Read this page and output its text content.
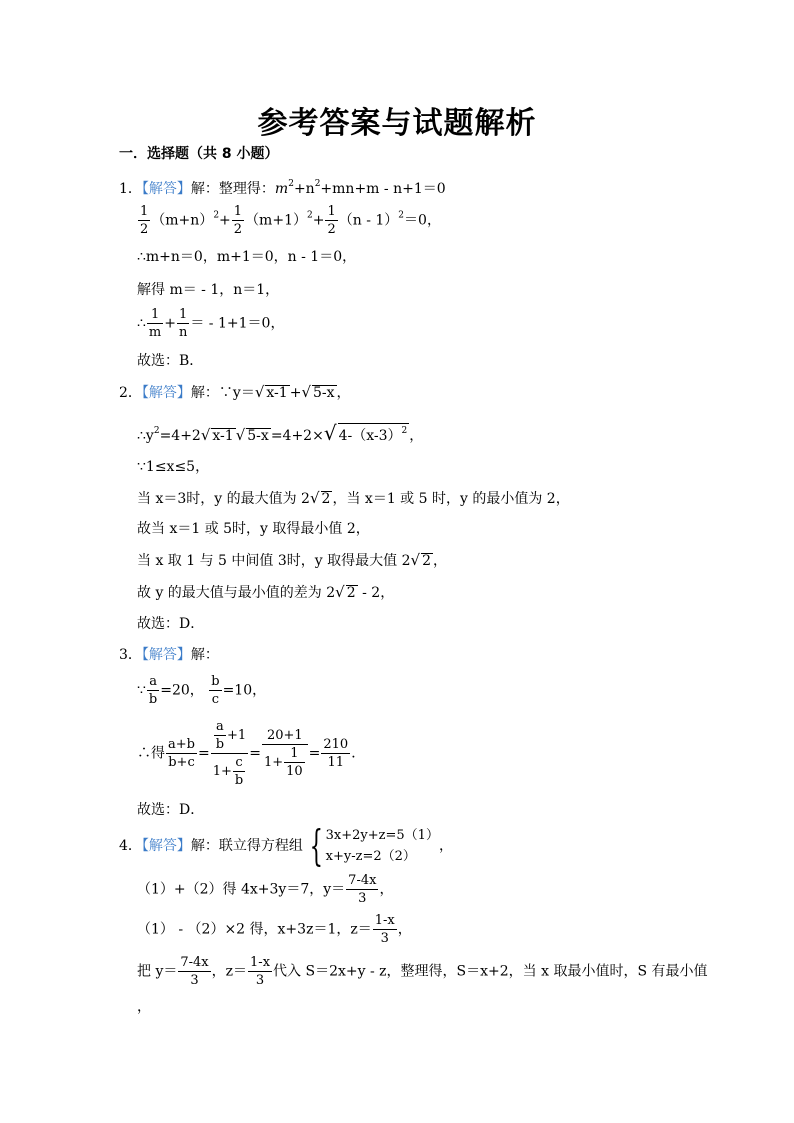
参考答案与试题解析
一．选择题（共 8 小题）
1．【解答】解：整理得：$m^2+n^2+mn+m - n+1=0$
$\frac{1}{2} (m+n)^2+ \frac{1}{2} (m+1)^2+ \frac{1}{2} (n - 1)^2=0$，
∴m+n＝0，m+1＝0，n - 1＝0，
解得 m＝ - 1，n＝1，
∴ $\frac{1}{m} + \frac{1}{n}$ ＝ - 1+1＝0，
故选：B．
2．【解答】解：∵y＝√ x-1 +√ 5-x ，
$\therefore y^2=4+2√$ x-1 √ 5-x =4+2×√ $4-(x-3)^2$ ，
∵1≤x≤5，
当 x＝3时，y 的最大值为 2√ 2 ，当 x＝1 或 5 时，y 的最小值为 2，
故当 x＝1 或 5时，y 取得最小值 2，
当 x 取 1 与 5 中间值 3时，y 取得最大值 2√ 2 ，
故 y 的最大值与最小值的差为 2√ 2 - 2，
故选：D．
3．【解答】解：
∵ $\frac{a}{b} =20$， $\frac{b}{c} =10$，
∴得 $\frac{a+b}{b+c} = \frac{\frac{a}{b} +1}{1+ \frac{c}{b}} = \frac{20+1}{1+ \frac{1}{10}} = \frac{210}{11}$ ．
故选：D．
4．【解答】解：联立得方程组 { 3x+2y+z=5（1）
x+y-z=2（2）
，
（1）+（2）得 4x+3y＝7，$y= \frac{7-4x}{3}$ ，
（1） - （2）×2 得，x+3z＝1，$z= \frac{1-x}{3}$ ，
把 $y= \frac{7-4x}{3}$ ，$z= \frac{1-x}{3}$ 代入 S＝2x+y - z，整理得，S＝x+2，当 x 取最小值时，S 有最小值
，
